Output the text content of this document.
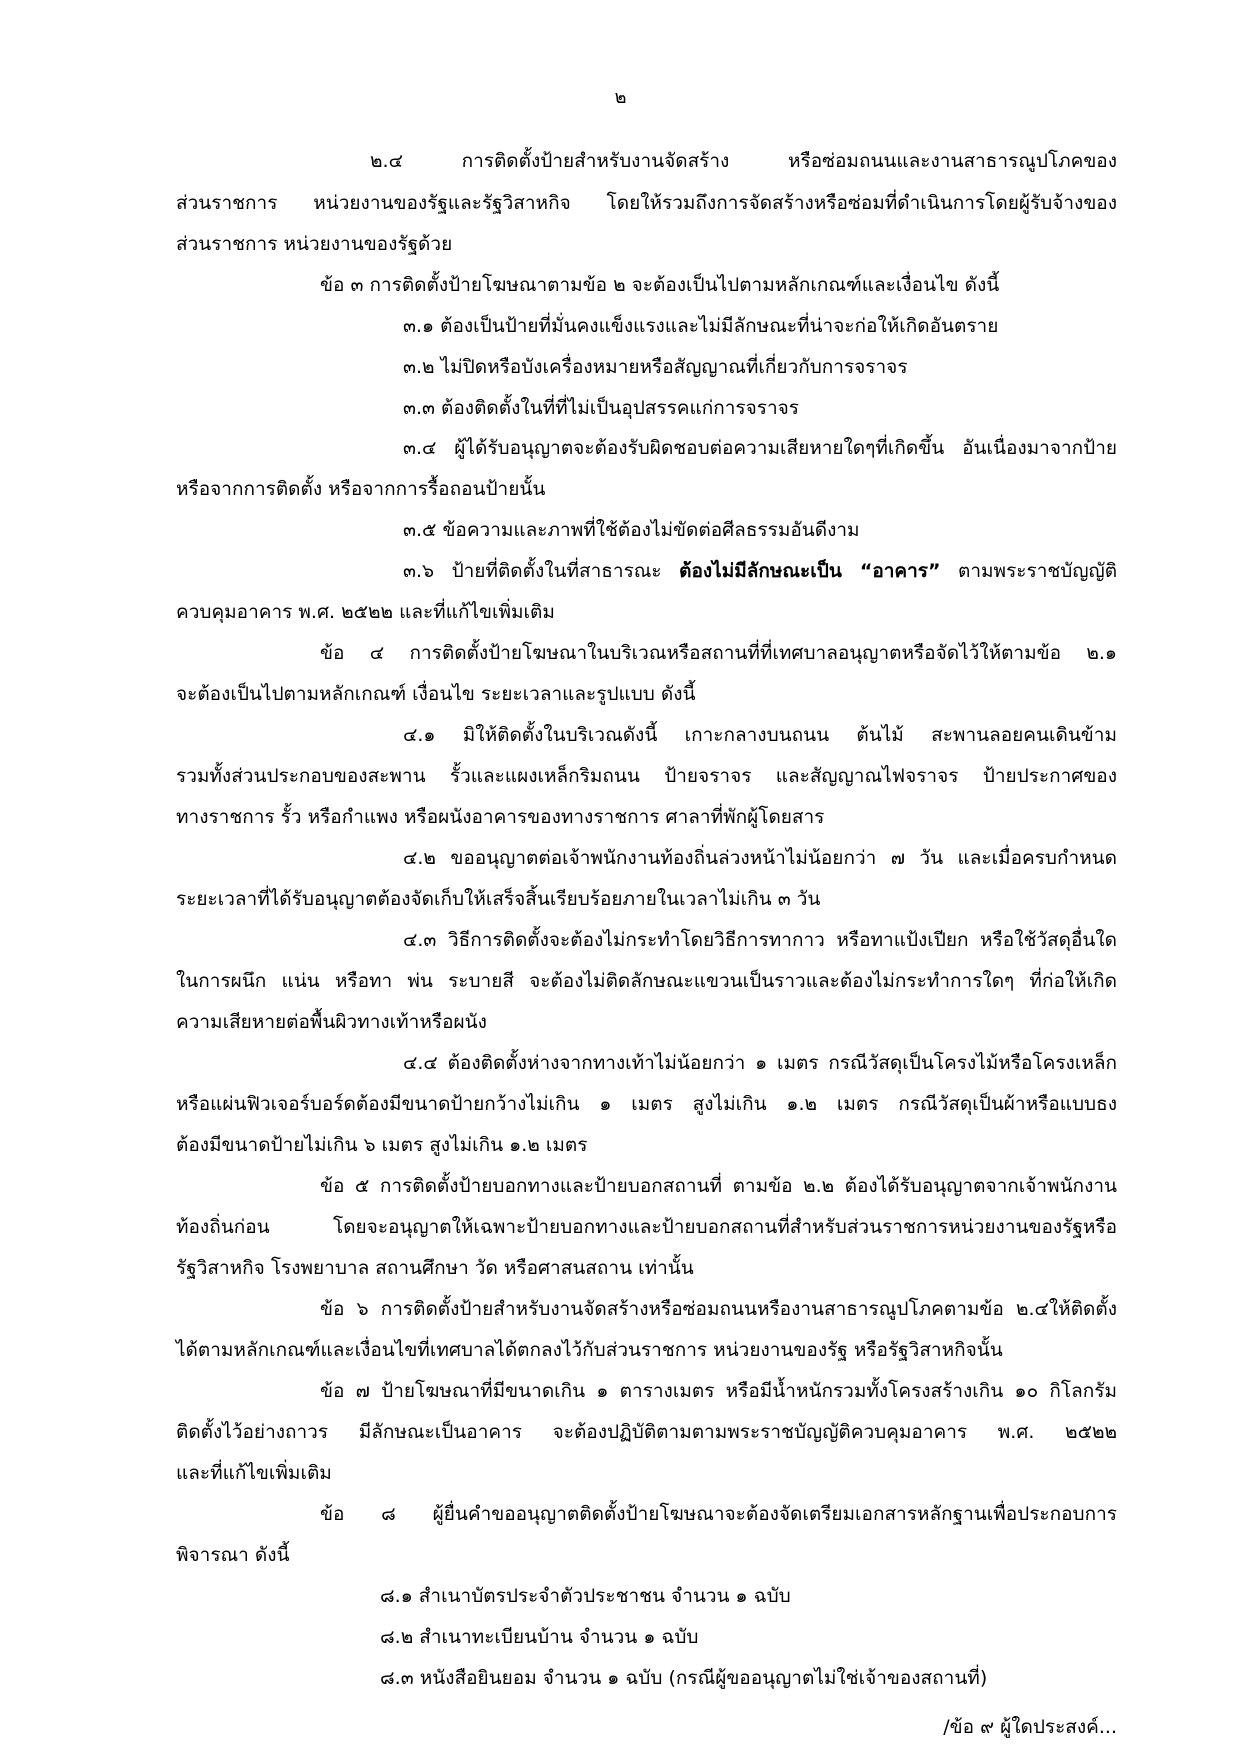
๒
๒.๔ การติดตั้งป้ายสำหรับงานจัดสร้าง หรือซ่อมถนนและงานสาธารณูปโภคของ
ส่วนราชการ หน่วยงานของรัฐและรัฐวิสาหกิจ โดยให้รวมถึงการจัดสร้างหรือซ่อมที่ดำเนินการโดยผู้รับจ้างของ
ส่วนราชการ หน่วยงานของรัฐด้วย
ข้อ ๓ การติดตั้งป้ายโฆษณาตามข้อ ๒ จะต้องเป็นไปตามหลักเกณฑ์และเงื่อนไข ดังนี้
๓.๑ ต้องเป็นป้ายที่มั่นคงแข็งแรงและไม่มีลักษณะที่น่าจะก่อให้เกิดอันตราย
๓.๒ ไม่ปิดหรือบังเครื่องหมายหรือสัญญาณที่เกี่ยวกับการจราจร
๓.๓ ต้องติดตั้งในที่ที่ไม่เป็นอุปสรรคแก่การจราจร
๓.๔ ผู้ได้รับอนุญาตจะต้องรับผิดชอบต่อความเสียหายใดๆที่เกิดขึ้น อันเนื่องมาจากป้าย
หรือจากการติดตั้ง หรือจากการรื้อถอนป้ายนั้น
๓.๕ ข้อความและภาพที่ใช้ต้องไม่ขัดต่อศีลธรรมอันดีงาม
๓.๖ ป้ายที่ติดตั้งในที่สาธารณะ ต้องไม่มีลักษณะเป็น “อาคาร” ตามพระราชบัญญัติ
ควบคุมอาคาร พ.ศ. ๒๕๒๒ และที่แก้ไขเพิ่มเติม
ข้อ ๔ การติดตั้งป้ายโฆษณาในบริเวณหรือสถานที่ที่เทศบาลอนุญาตหรือจัดไว้ให้ตามข้อ ๒.๑
จะต้องเป็นไปตามหลักเกณฑ์ เงื่อนไข ระยะเวลาและรูปแบบ ดังนี้
๔.๑ มิให้ติดตั้งในบริเวณดังนี้ เกาะกลางบนถนน ต้นไม้ สะพานลอยคนเดินข้าม
รวมทั้งส่วนประกอบของสะพาน รั้วและแผงเหล็กริมถนน ป้ายจราจร และสัญญาณไฟจราจร ป้ายประกาศของ
ทางราชการ รั้ว หรือกำแพง หรือผนังอาคารของทางราชการ ศาลาที่พักผู้โดยสาร
๔.๒ ขออนุญาตต่อเจ้าพนักงานท้องถิ่นล่วงหน้าไม่น้อยกว่า ๗ วัน และเมื่อครบกำหนด
ระยะเวลาที่ได้รับอนุญาตต้องจัดเก็บให้เสร็จสิ้นเรียบร้อยภายในเวลาไม่เกิน ๓ วัน
๔.๓ วิธีการติดตั้งจะต้องไม่กระทำโดยวิธีการทากาว หรือทาแป้งเปียก หรือใช้วัสดุอื่นใด
ในการผนึก แน่น หรือทา พ่น ระบายสี จะต้องไม่ติดลักษณะแขวนเป็นราวและต้องไม่กระทำการใดๆ ที่ก่อให้เกิด
ความเสียหายต่อพื้นผิวทางเท้าหรือผนัง
๔.๔ ต้องติดตั้งห่างจากทางเท้าไม่น้อยกว่า ๑ เมตร กรณีวัสดุเป็นโครงไม้หรือโครงเหล็ก
หรือแผ่นฟิวเจอร์บอร์ดต้องมีขนาดป้ายกว้างไม่เกิน ๑ เมตร สูงไม่เกิน ๑.๒ เมตร กรณีวัสดุเป็นผ้าหรือแบบธง
ต้องมีขนาดป้ายไม่เกิน ๖ เมตร สูงไม่เกิน ๑.๒ เมตร
ข้อ ๕ การติดตั้งป้ายบอกทางและป้ายบอกสถานที่ ตามข้อ ๒.๒ ต้องได้รับอนุญาตจากเจ้าพนักงาน
ท้องถิ่นก่อน โดยจะอนุญาตให้เฉพาะป้ายบอกทางและป้ายบอกสถานที่สำหรับส่วนราชการหน่วยงานของรัฐหรือ
รัฐวิสาหกิจ โรงพยาบาล สถานศึกษา วัด หรือศาสนสถาน เท่านั้น
ข้อ ๖ การติดตั้งป้ายสำหรับงานจัดสร้างหรือซ่อมถนนหรืองานสาธารณูปโภคตามข้อ ๒.๔ให้ติดตั้ง
ได้ตามหลักเกณฑ์และเงื่อนไขที่เทศบาลได้ตกลงไว้กับส่วนราชการ หน่วยงานของรัฐ หรือรัฐวิสาหกิจนั้น
ข้อ ๗ ป้ายโฆษณาที่มีขนาดเกิน ๑ ตารางเมตร หรือมีน้ำหนักรวมทั้งโครงสร้างเกิน ๑๐ กิโลกรัม
ติดตั้งไว้อย่างถาวร มีลักษณะเป็นอาคาร จะต้องปฏิบัติตามตามพระราชบัญญัติควบคุมอาคาร พ.ศ. ๒๕๒๒
และที่แก้ไขเพิ่มเติม
ข้อ ๘ ผู้ยื่นคำขออนุญาตติดตั้งป้ายโฆษณาจะต้องจัดเตรียมเอกสารหลักฐานเพื่อประกอบการ
พิจารณา ดังนี้
๘.๑ สำเนาบัตรประจำตัวประชาชน จำนวน ๑ ฉบับ
๘.๒ สำเนาทะเบียนบ้าน จำนวน ๑ ฉบับ
๘.๓ หนังสือยินยอม จำนวน ๑ ฉบับ (กรณีผู้ขออนุญาตไม่ใช่เจ้าของสถานที่)
/ข้อ ๙ ผู้ใดประสงค์...
